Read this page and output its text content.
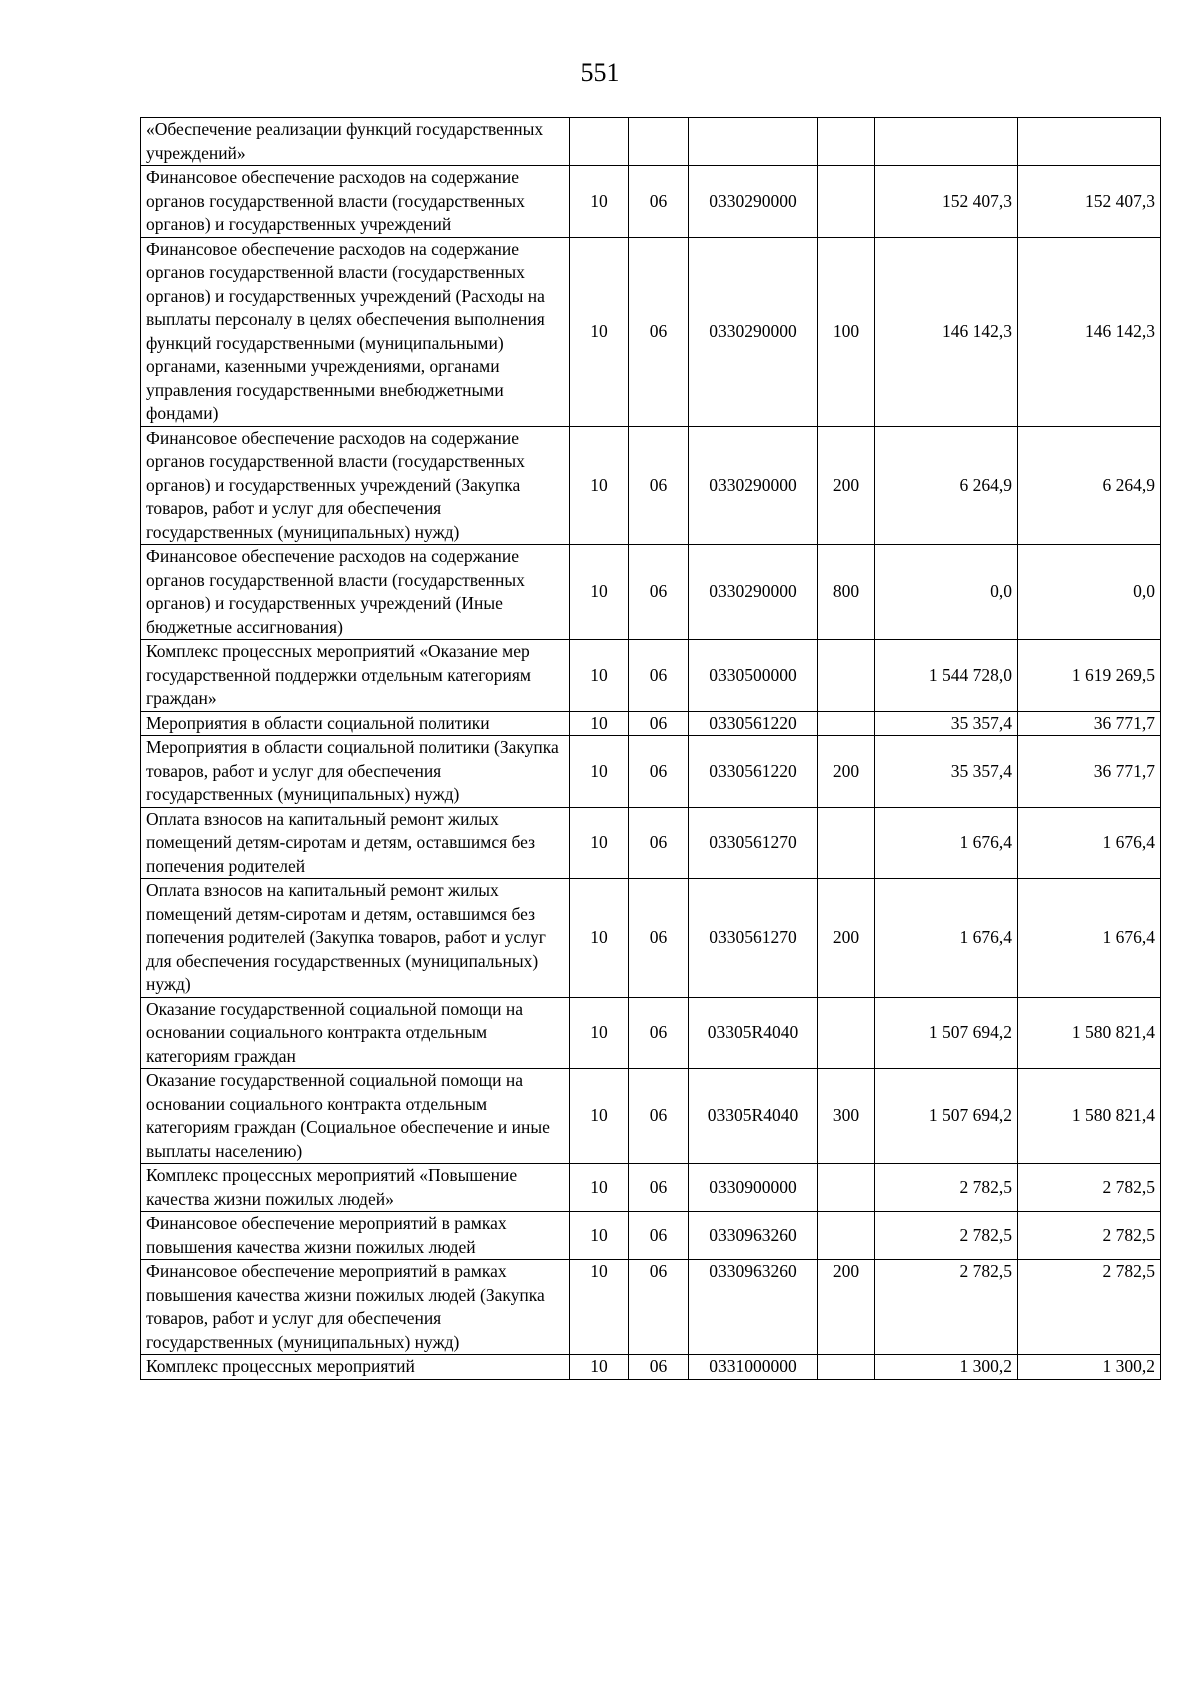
551
«Обеспечение реализации функций государственных учреждений»						
Финансовое обеспечение расходов на содержание органов государственной власти (государственных органов) и государственных учреждений	10	06	0330290000		152 407,3	152 407,3
Финансовое обеспечение расходов на содержание органов государственной власти (государственных органов) и государственных учреждений (Расходы на выплаты персоналу в целях обеспечения выполнения функций государственными (муниципальными) органами, казенными учреждениями, органами управления государственными внебюджетными фондами)	10	06	0330290000	100	146 142,3	146 142,3
Финансовое обеспечение расходов на содержание органов государственной власти (государственных органов) и государственных учреждений (Закупка товаров, работ и услуг для обеспечения государственных (муниципальных) нужд)	10	06	0330290000	200	6 264,9	6 264,9
Финансовое обеспечение расходов на содержание органов государственной власти (государственных органов) и государственных учреждений (Иные бюджетные ассигнования)	10	06	0330290000	800	0,0	0,0
Комплекс процессных мероприятий «Оказание мер государственной поддержки отдельным категориям граждан»	10	06	0330500000		1 544 728,0	1 619 269,5
Мероприятия в области социальной политики	10	06	0330561220		35 357,4	36 771,7
Мероприятия в области социальной политики (Закупка товаров, работ и услуг для обеспечения государственных (муниципальных) нужд)	10	06	0330561220	200	35 357,4	36 771,7
Оплата взносов на капитальный ремонт жилых помещений детям-сиротам и детям, оставшимся без попечения родителей	10	06	0330561270		1 676,4	1 676,4
Оплата взносов на капитальный ремонт жилых помещений детям-сиротам и детям, оставшимся без попечения родителей (Закупка товаров, работ и услуг для обеспечения государственных (муниципальных) нужд)	10	06	0330561270	200	1 676,4	1 676,4
Оказание государственной социальной помощи на основании социального контракта отдельным категориям граждан	10	06	03305R4040		1 507 694,2	1 580 821,4
Оказание государственной социальной помощи на основании социального контракта отдельным категориям граждан (Социальное обеспечение и иные выплаты населению)	10	06	03305R4040	300	1 507 694,2	1 580 821,4
Комплекс процессных мероприятий «Повышение качества жизни пожилых людей»	10	06	0330900000		2 782,5	2 782,5
Финансовое обеспечение мероприятий в рамках повышения качества жизни пожилых людей	10	06	0330963260		2 782,5	2 782,5
Финансовое обеспечение мероприятий в рамках повышения качества жизни пожилых людей (Закупка товаров, работ и услуг для обеспечения государственных (муниципальных) нужд)	10	06	0330963260	200	2 782,5	2 782,5
Комплекс процессных мероприятий	10	06	0331000000		1 300,2	1 300,2
